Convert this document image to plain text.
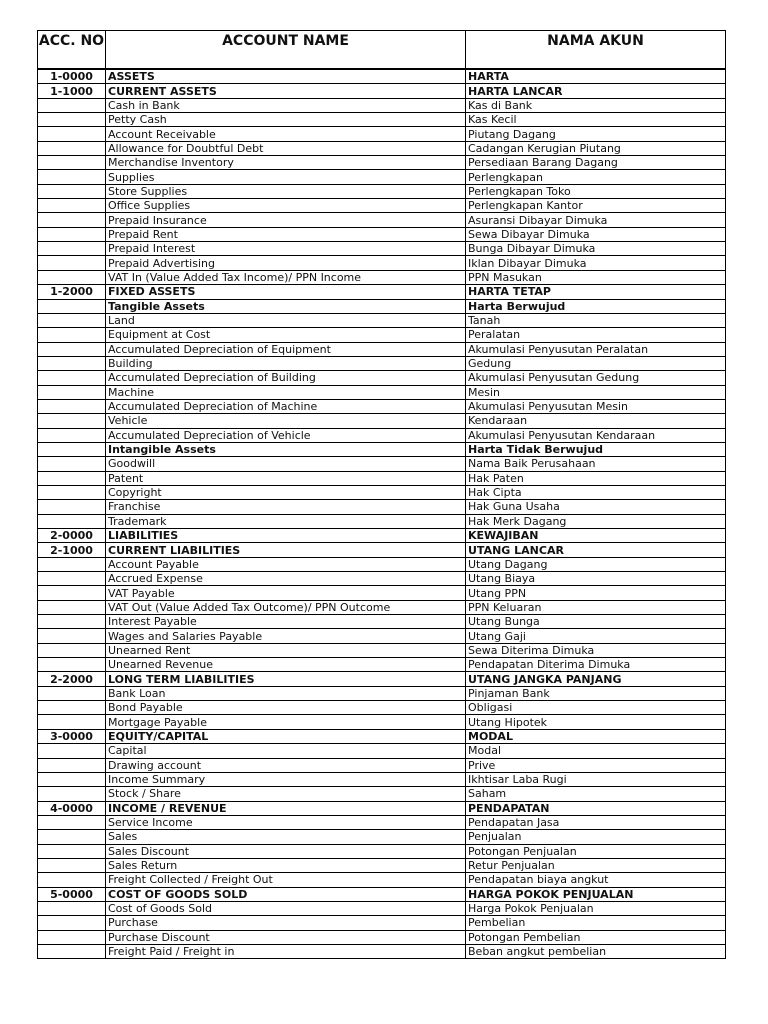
ACC. NO	ACCOUNT NAME	NAMA AKUN
1-0000	ASSETS	HARTA
1-1000	CURRENT ASSETS	HARTA LANCAR
	Cash in Bank	Kas di Bank
	Petty Cash	Kas Kecil
	Account Receivable	Piutang Dagang
	Allowance for Doubtful Debt	Cadangan Kerugian Piutang
	Merchandise Inventory	Persediaan Barang Dagang
	Supplies	Perlengkapan
	Store Supplies	Perlengkapan Toko
	Office Supplies	Perlengkapan Kantor
	Prepaid Insurance	Asuransi Dibayar Dimuka
	Prepaid Rent	Sewa Dibayar Dimuka
	Prepaid Interest	Bunga Dibayar Dimuka
	Prepaid Advertising	Iklan Dibayar Dimuka
	VAT In (Value Added Tax Income)/ PPN Income	PPN Masukan
1-2000	FIXED ASSETS	HARTA TETAP
	Tangible Assets	Harta Berwujud
	Land	Tanah
	Equipment at Cost	Peralatan
	Accumulated Depreciation of Equipment	Akumulasi Penyusutan Peralatan
	Building	Gedung
	Accumulated Depreciation of Building	Akumulasi Penyusutan Gedung
	Machine	Mesin
	Accumulated Depreciation of Machine	Akumulasi Penyusutan Mesin
	Vehicle	Kendaraan
	Accumulated Depreciation of Vehicle	Akumulasi Penyusutan Kendaraan
	Intangible Assets	Harta Tidak Berwujud
	Goodwill	Nama Baik Perusahaan
	Patent	Hak Paten
	Copyright	Hak Cipta
	Franchise	Hak Guna Usaha
	Trademark	Hak Merk Dagang
2-0000	LIABILITIES	KEWAJIBAN
2-1000	CURRENT LIABILITIES	UTANG LANCAR
	Account Payable	Utang Dagang
	Accrued Expense	Utang Biaya
	VAT Payable	Utang PPN
	VAT Out (Value Added Tax Outcome)/ PPN Outcome	PPN Keluaran
	Interest Payable	Utang Bunga
	Wages and Salaries Payable	Utang Gaji
	Unearned Rent	Sewa Diterima Dimuka
	Unearned Revenue	Pendapatan Diterima Dimuka
2-2000	LONG TERM LIABILITIES	UTANG JANGKA PANJANG
	Bank Loan	Pinjaman Bank
	Bond Payable	Obligasi
	Mortgage Payable	Utang Hipotek
3-0000	EQUITY/CAPITAL	MODAL
	Capital	Modal
	Drawing account	Prive
	Income Summary	Ikhtisar Laba Rugi
	Stock / Share	Saham
4-0000	INCOME / REVENUE	PENDAPATAN
	Service Income	Pendapatan Jasa
	Sales	Penjualan
	Sales Discount	Potongan Penjualan
	Sales Return	Retur Penjualan
	Freight Collected / Freight Out	Pendapatan biaya angkut
5-0000	COST OF GOODS SOLD	HARGA POKOK PENJUALAN
	Cost of Goods Sold	Harga Pokok Penjualan
	Purchase	Pembelian
	Purchase Discount	Potongan Pembelian
	Freight Paid / Freight in	Beban angkut pembelian
